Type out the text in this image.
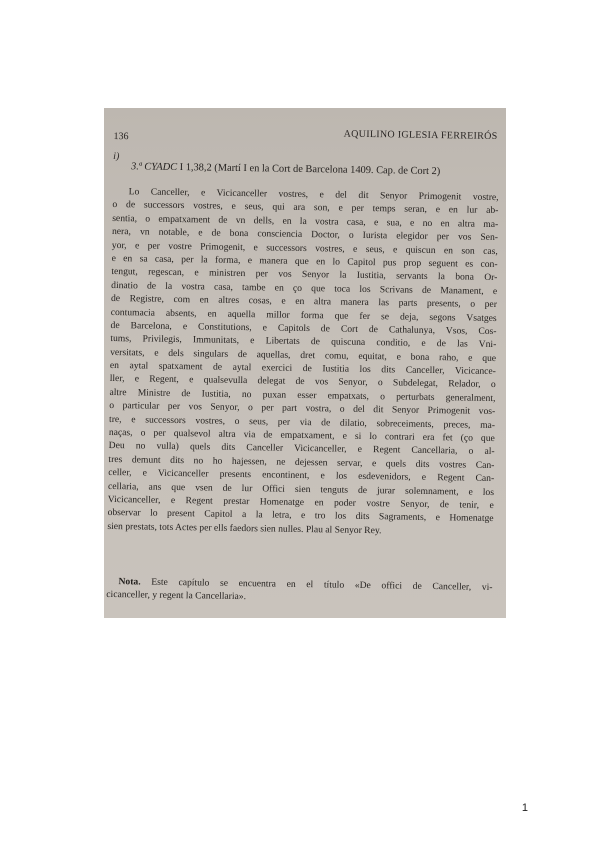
136	AQUILINO IGLESIA FERREIRÓS
i)
3.ª CYADC I 1,38,2 (Martí I en la Cort de Barcelona 1409. Cap. de Cort 2)
Lo Canceller, e Vicicanceller vostres, e del dit Senyor Primogenit vostre,
o de successors vostres, e seus, qui ara son, e per temps seran, e en lur ab-
sentia, o empatxament de vn dells, en la vostra casa, e sua, e no en altra ma-
nera, vn notable, e de bona consciencia Doctor, o Iurista elegidor per vos Sen-
yor, e per vostre Primogenit, e successors vostres, e seus, e quiscun en son cas,
e en sa casa, per la forma, e manera que en lo Capitol pus prop seguent es con-
tengut, regescan, e ministren per vos Senyor la Iustitia, servants la bona Or-
dinatio de la vostra casa, tambe en ço que toca los Scrivans de Manament, e
de Registre, com en altres cosas, e en altra manera las parts presents, o per
contumacia absents, en aquella millor forma que fer se deja, segons Vsatges
de Barcelona, e Constitutions, e Capitols de Cort de Cathalunya, Vsos, Cos-
tums, Privilegis, Immunitats, e Libertats de quiscuna conditio, e de las Vni-
versitats, e dels singulars de aquellas, dret comu, equitat, e bona raho, e que
en aytal spatxament de aytal exercici de Iustitia los dits Canceller, Vicicance-
ller, e Regent, e qualsevulla delegat de vos Senyor, o Subdelegat, Relador, o
altre Ministre de Iustitia, no puxan esser empatxats, o perturbats generalment,
o particular per vos Senyor, o per part vostra, o del dit Senyor Primogenit vos-
tre, e successors vostres, o seus, per via de dilatio, sobreceiments, preces, ma-
naças, o per qualsevol altra via de empatxament, e si lo contrari era fet (ço que
Deu no vulla) quels dits Canceller Vicicanceller, e Regent Cancellaria, o al-
tres demunt dits no ho hajessen, ne dejessen servar, e quels dits vostres Can-
celler, e Vicicanceller presents encontinent, e los esdevenidors, e Regent Can-
cellaria, ans que vsen de lur Offici sien tenguts de jurar solemnament, e los
Vicicanceller, e Regent prestar Homenatge en poder vostre Senyor, de tenir, e
observar lo present Capitol a la letra, e tro los dits Sagraments, e Homenatge
sien prestats, tots Actes per ells faedors sien nulles. Plau al Senyor Rey.
Nota. Este capítulo se encuentra en el título «De offici de Canceller, vi-
cicanceller, y regent la Cancellaria».
1
